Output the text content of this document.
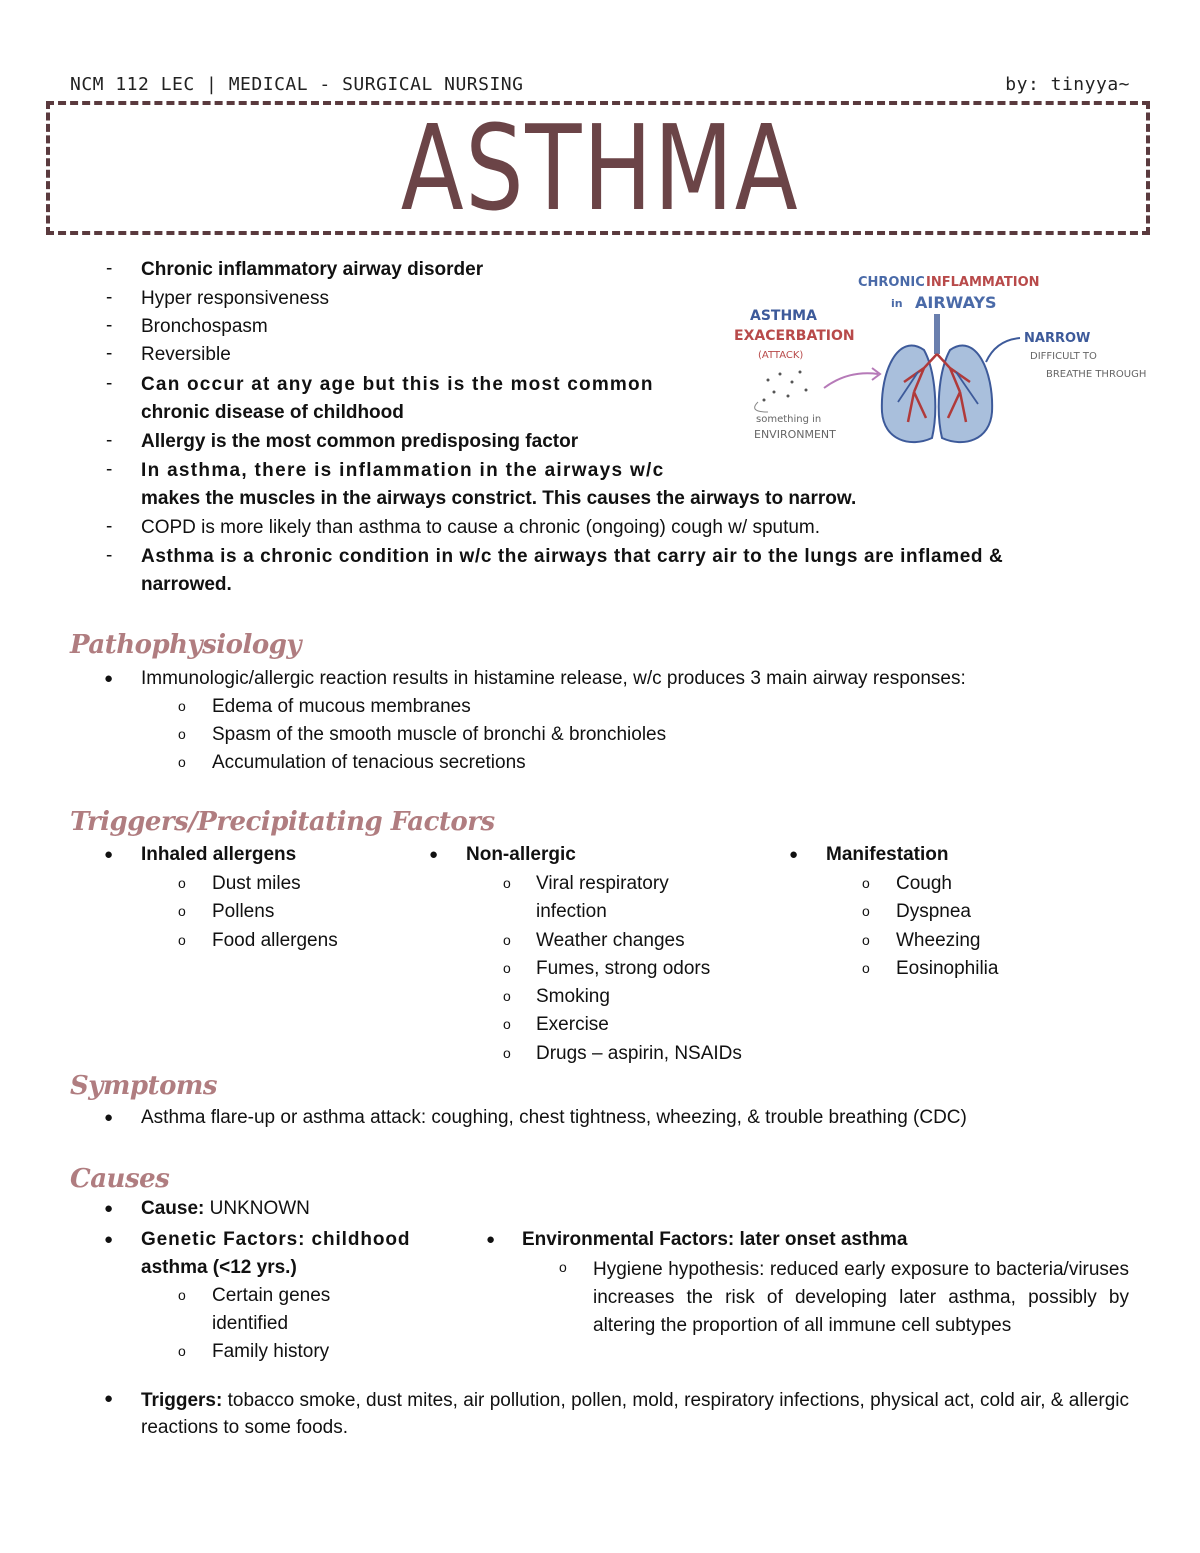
NCM 112 LEC | MEDICAL - SURGICAL NURSING	by: tinyya~
ASTHMA
- Chronic inflammatory airway disorder
- Hyper responsiveness
- Bronchospasm
- Reversible
- Can occur at any age but this is the most common
chronic disease of childhood
- Allergy is the most common predisposing factor
- In asthma, there is inflammation in the airways w/c
makes the muscles in the airways constrict. This causes the airways to narrow.
- COPD is more likely than asthma to cause a chronic (ongoing) cough w/ sputum.
- Asthma is a chronic condition in w/c the airways that carry air to the lungs are inflamed &
narrowed.
CHRONIC INFLAMMATION
in AIRWAYS
ASTHMA
EXACERBATION
(ATTACK)
something in
ENVIRONMENT
NARROW
DIFFICULT TO
BREATHE THROUGH
Pathophysiology
● Immunologic/allergic reaction results in histamine release, w/c produces 3 main airway responses:
o Edema of mucous membranes
o Spasm of the smooth muscle of bronchi & bronchioles
o Accumulation of tenacious secretions
Triggers/Precipitating Factors
● Inhaled allergens
o Dust miles
o Pollens
o Food allergens
● Non-allergic
o Viral respiratory
infection
o Weather changes
o Fumes, strong odors
o Smoking
o Exercise
o Drugs – aspirin, NSAIDs
● Manifestation
o Cough
o Dyspnea
o Wheezing
o Eosinophilia
Symptoms
● Asthma flare-up or asthma attack: coughing, chest tightness, wheezing, & trouble breathing (CDC)
Causes
● Cause: UNKNOWN
● Genetic Factors: childhood
asthma (<12 yrs.)
o Certain genes
identified
o Family history
● Environmental Factors: later onset asthma
o Hygiene hypothesis: reduced early exposure to bacteria/viruses increases the risk of developing later asthma, possibly by altering the proportion of all immune cell subtypes
● Triggers: tobacco smoke, dust mites, air pollution, pollen, mold, respiratory infections, physical act, cold air, & allergic reactions to some foods.
